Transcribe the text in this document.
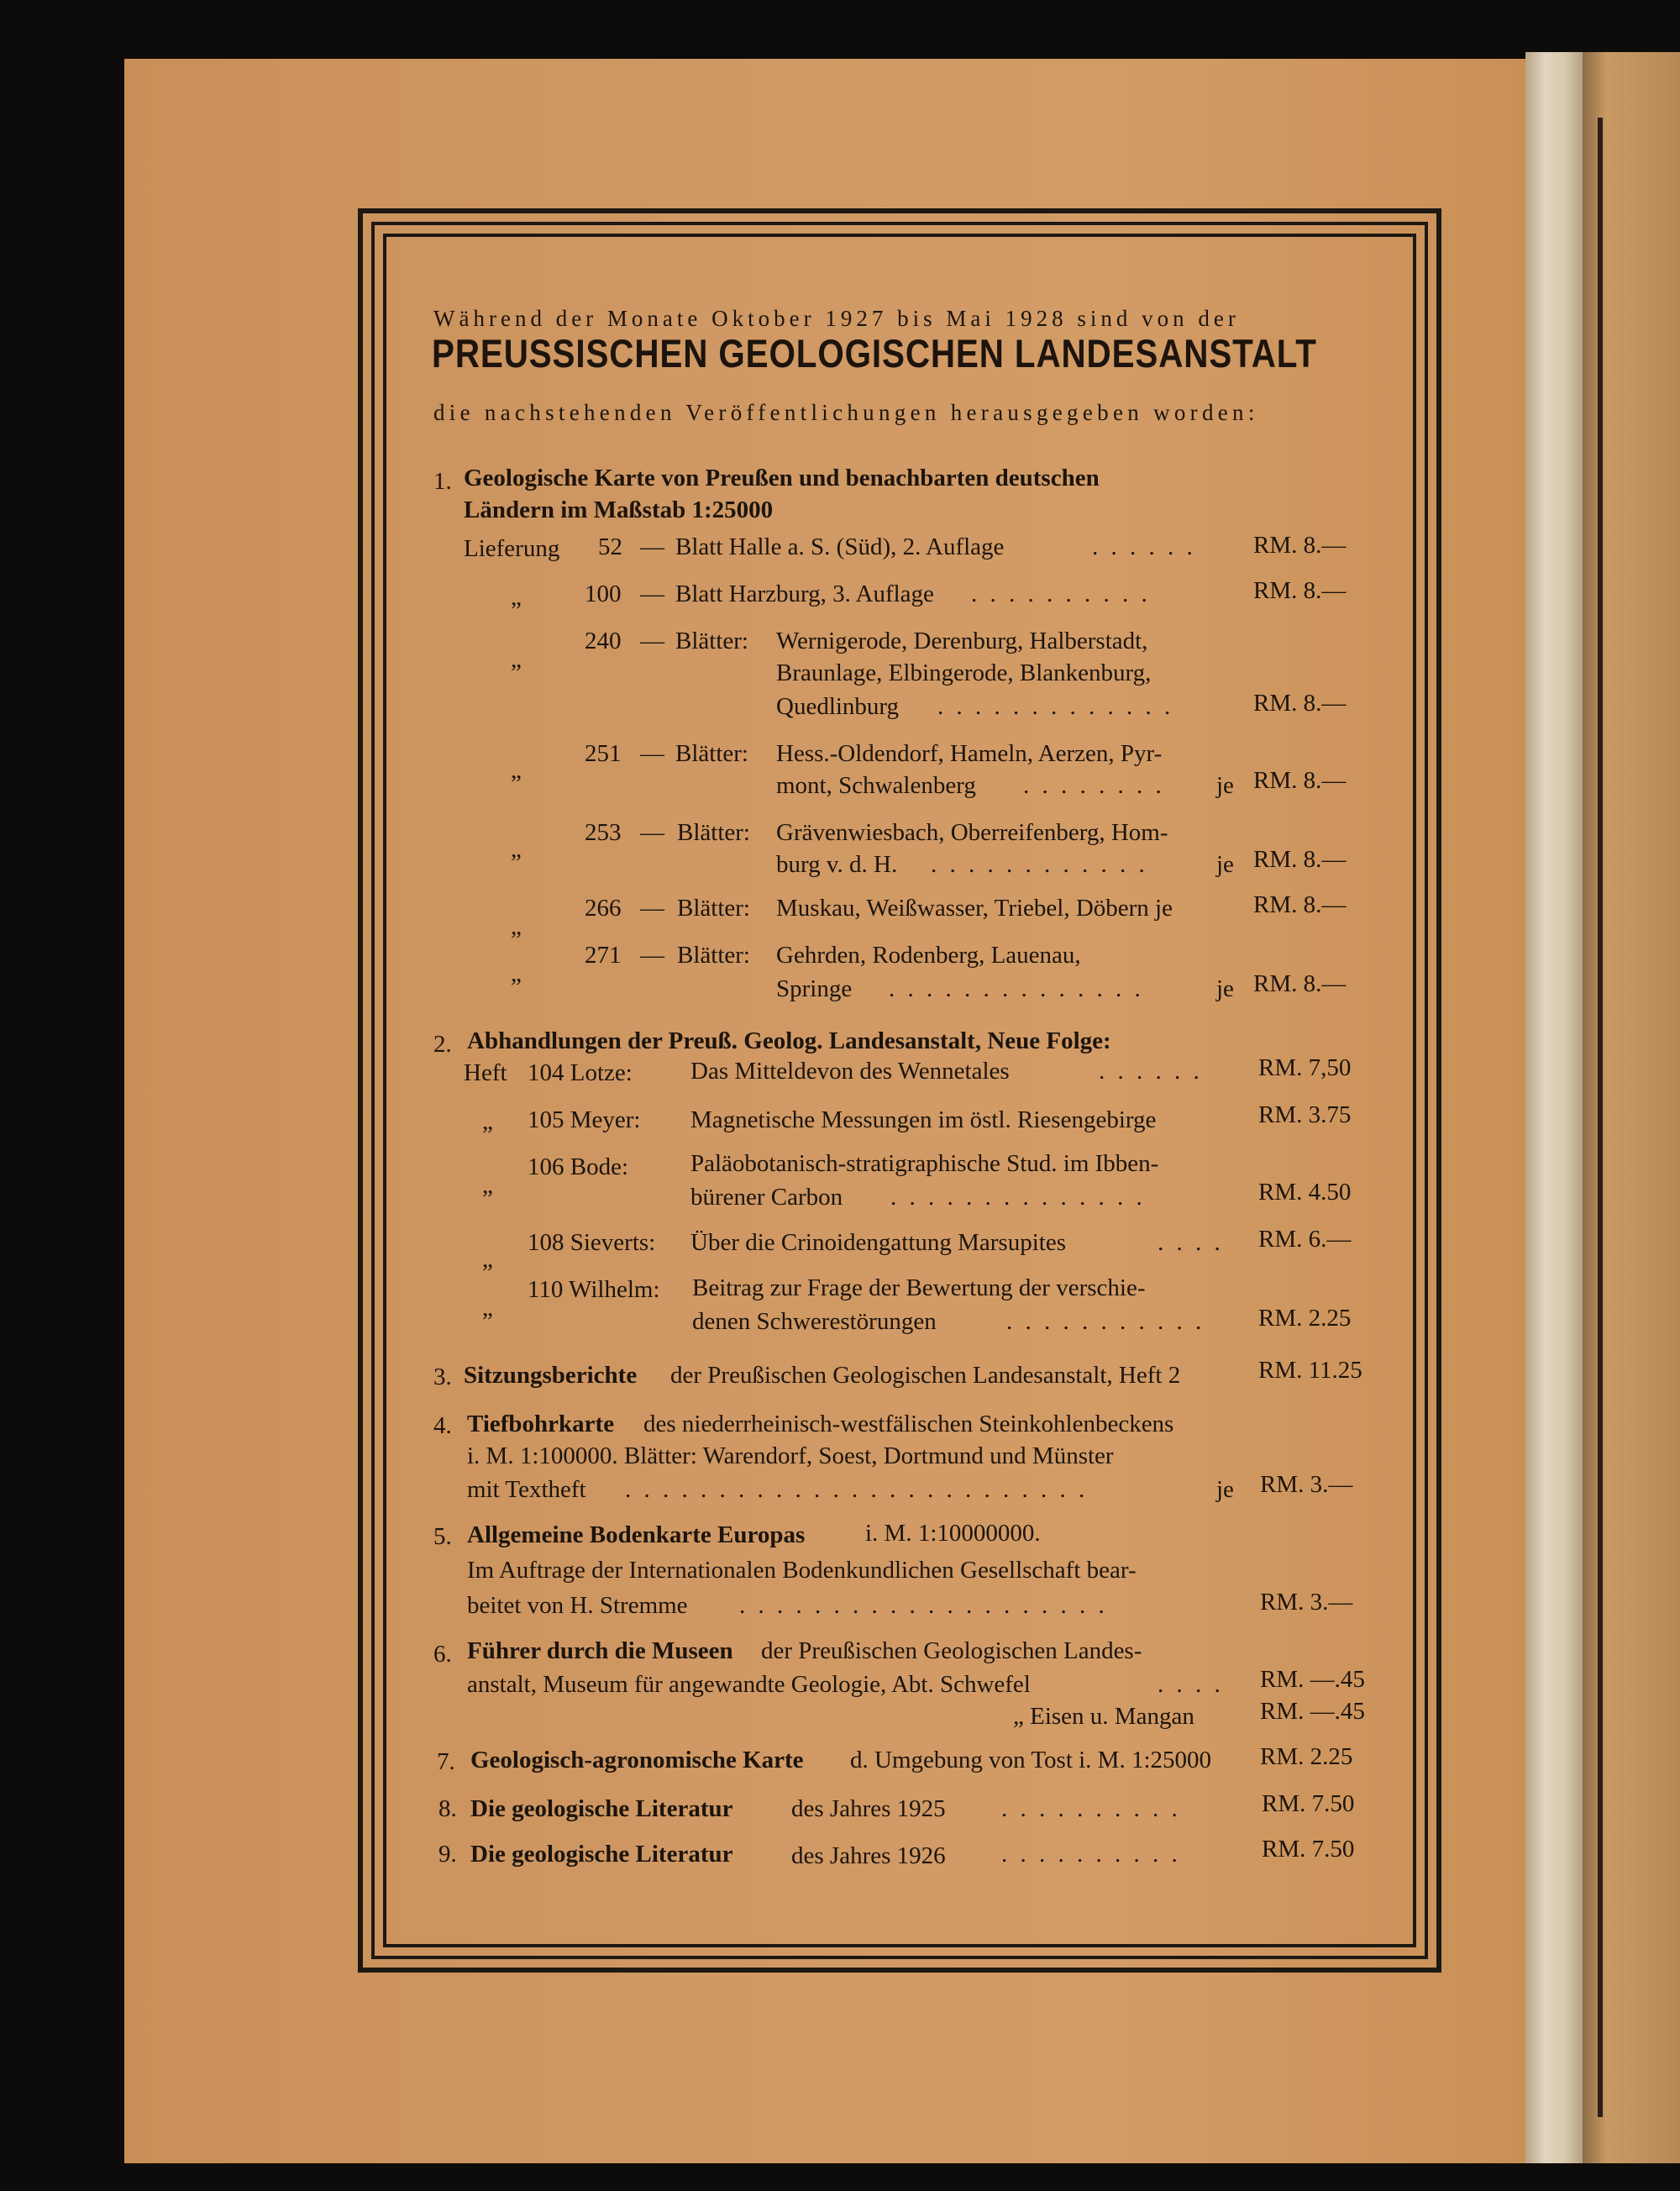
Während der Monate Oktober 1927 bis Mai 1928 sind von der
PREUSSISCHEN GEOLOGISCHEN LANDESANSTALT
die nachstehenden Veröffentlichungen herausgegeben worden:
1. Geologische Karte von Preußen und benachbarten deutschen
Ländern im Maßstab 1:25000
Lieferung 52 — Blatt Halle a. S. (Süd), 2. Auflage	. . . . . . RM. 8.—
„	100 — Blatt Harzburg, 3. Auflage . . . . . . . . . .	RM. 8.—
„
240 — Blätter: Wernigerode, Derenburg, Halberstadt,
Braunlage, Elbingerode, Blankenburg,
Quedlinburg . . . . . . . . . . . . .	RM. 8.—
„
251 — Blätter: Hess.-Oldendorf, Hameln, Aerzen, Pyr-
mont, Schwalenberg . . . . . . . . je RM. 8.—
„
253 — Blätter: Grävenwiesbach, Oberreifenberg, Hom-
burg v. d. H. . . . . . . . . . . . .	je RM. 8.—
„
266 — Blätter: Muskau, Weißwasser, Triebel, Döbern je	RM. 8.—
„
271 — Blätter: Gehrden, Rodenberg, Lauenau,
Springe . . . . . . . . . . . . . .	je RM. 8.—
2. Abhandlungen der Preuß. Geolog. Landesanstalt, Neue Folge:
Heft 104 Lotze: Das Mitteldevon des Wennetales	. . . . . . RM. 7,50
„ 105 Meyer: Magnetische Messungen im östl. Riesengebirge	RM. 3.75
„
106 Bode:	Paläobotanisch-stratigraphische Stud. im Ibben-
bürener Carbon . . . . . . . . . . . . . .	RM. 4.50
„
108 Sieverts: Über die Crinoidengattung Marsupites	. . . . RM. 6.—
„
110 Wilhelm: Beitrag zur Frage der Bewertung der verschie-
denen Schwerestörungen	. . . . . . . . . . . RM. 2.25
3. Sitzungsberichte der Preußischen Geologischen Landesanstalt, Heft 2	RM. 11.25
4. Tiefbohrkarte des niederrheinisch-westfälischen Steinkohlenbeckens
i. M. 1:100000. Blätter: Warendorf, Soest, Dortmund und Münster
mit Textheft . . . . . . . . . . . . . . . . . . . . . . . . .	je RM. 3.—
5. Allgemeine Bodenkarte Europas i. M. 1:10000000.
Im Auftrage der Internationalen Bodenkundlichen Gesellschaft bear-
beitet von H. Stremme . . . . . . . . . . . . . . . . . . . .	RM. 3.—
6. Führer durch die Museen der Preußischen Geologischen Landes-
anstalt, Museum für angewandte Geologie, Abt. Schwefel	. . . . RM. —.45
„ Eisen u. Mangan	RM. —.45
7. Geologisch-agronomische Karte d. Umgebung von Tost i. M. 1:25000 RM. 2.25
8. Die geologische Literatur des Jahres 1925 . . . . . . . . . .	RM. 7.50
9. Die geologische Literatur des Jahres 1926 . . . . . . . . . .	RM. 7.50
